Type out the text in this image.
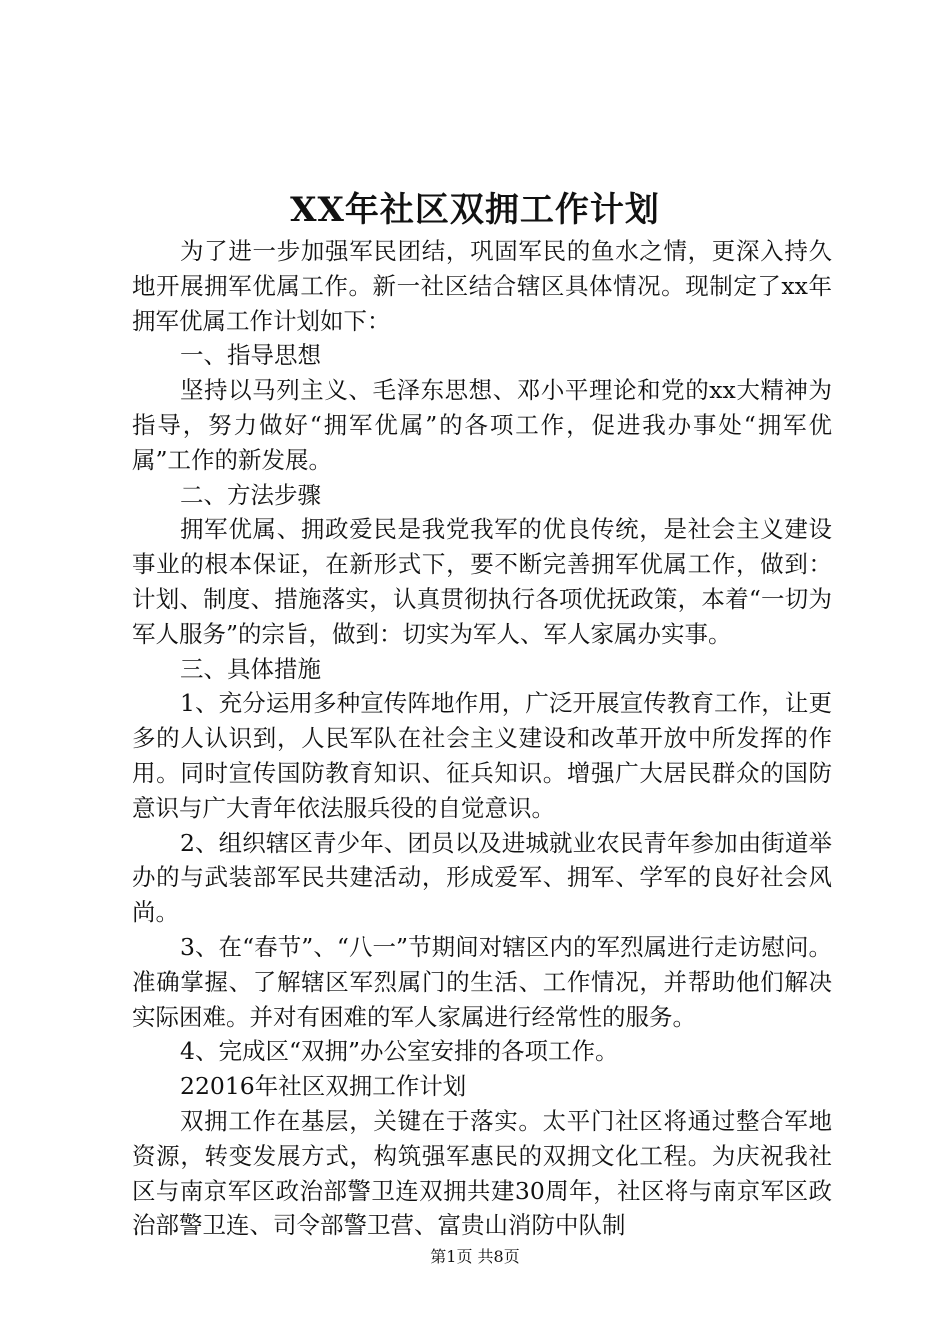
XX年社区双拥工作计划

为了进一步加强军民团结，巩固军民的鱼水之情，更深入持久地开展拥军优属工作。新一社区结合辖区具体情况。现制定了xx年拥军优属工作计划如下：

一、指导思想

坚持以马列主义、毛泽东思想、邓小平理论和党的xx大精神为指导，努力做好“拥军优属”的各项工作，促进我办事处“拥军优属”工作的新发展。

二、方法步骤

拥军优属、拥政爱民是我党我军的优良传统，是社会主义建设事业的根本保证，在新形式下，要不断完善拥军优属工作，做到：计划、制度、措施落实，认真贯彻执行各项优抚政策，本着“一切为军人服务”的宗旨，做到：切实为军人、军人家属办实事。

三、具体措施

1、充分运用多种宣传阵地作用，广泛开展宣传教育工作，让更多的人认识到，人民军队在社会主义建设和改革开放中所发挥的作用。同时宣传国防教育知识、征兵知识。增强广大居民群众的国防意识与广大青年依法服兵役的自觉意识。

2、组织辖区青少年、团员以及进城就业农民青年参加由街道举办的与武装部军民共建活动，形成爱军、拥军、学军的良好社会风尚。

3、在“春节”、“八一”节期间对辖区内的军烈属进行走访慰问。准确掌握、了解辖区军烈属门的生活、工作情况，并帮助他们解决实际困难。并对有困难的军人家属进行经常性的服务。

4、完成区“双拥”办公室安排的各项工作。

22016年社区双拥工作计划

双拥工作在基层，关键在于落实。太平门社区将通过整合军地资源，转变发展方式，构筑强军惠民的双拥文化工程。为庆祝我社区与南京军区政治部警卫连双拥共建30周年，社区将与南京军区政治部警卫连、司令部警卫营、富贵山消防中队制

第1页 共8页
